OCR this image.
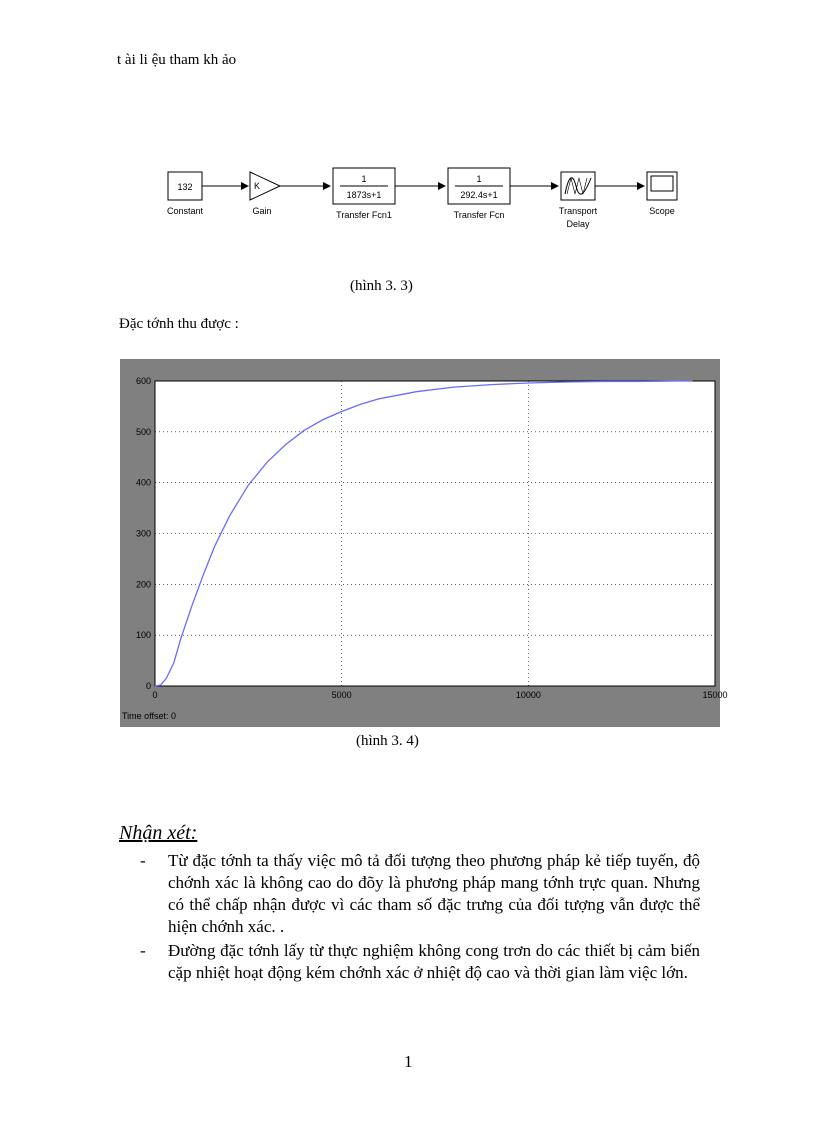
t ài li ệu tham kh ảo
132
Constant
K
Gain
1
1873s+1
Transfer Fcn1
1
292.4s+1
Transfer Fcn	Transport
Delay
Scope
(hình 3. 3)
Đặc tớnh thu được :
0
100
200
300
400
500
600
0	5000	10000	15000
Time offset: 0
(hình 3. 4)
Nhận xét:
- Từ đặc tớnh ta thấy việc mô tả đối tượng theo phương pháp kẻ tiếp tuyến, độ chớnh xác là không cao do đõy là phương pháp mang tớnh trực quan. Nhưng có thể chấp nhận được vì các tham số đặc trưng của đối tượng vẫn được thể hiện chớnh xác. .
- Đường đặc tớnh lấy từ thực nghiệm không cong trơn do các thiết bị cảm biến cặp nhiệt hoạt động kém chớnh xác ở nhiệt độ cao và thời gian làm việc lớn.
1
